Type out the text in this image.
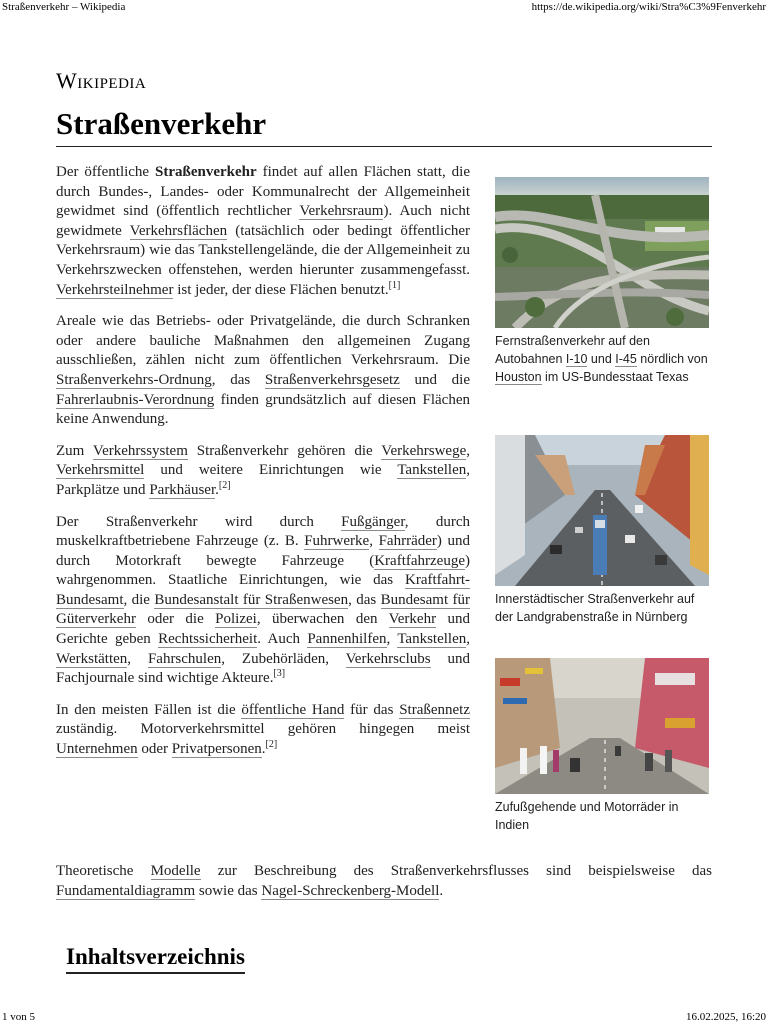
Straßenverkehr – Wikipedia	https://de.wikipedia.org/wiki/Stra%C3%9Fenverkehr
Wikipedia
Straßenverkehr

Der öffentliche Straßenverkehr findet auf allen Flächen statt, die durch Bundes-, Landes- oder Kommunalrecht der Allgemeinheit gewidmet sind (öffentlich rechtlicher Verkehrsraum). Auch nicht gewidmete Verkehrsflächen (tatsächlich oder bedingt öffentlicher Verkehrsraum) wie das Tankstellengelände, die der Allgemeinheit zu Verkehrszwecken offenstehen, werden hierunter zusammengefasst. Verkehrsteilnehmer ist jeder, der diese Flächen benutzt.[1]

Areale wie das Betriebs- oder Privatgelände, die durch Schranken oder andere bauliche Maßnahmen den allgemeinen Zugang ausschließen, zählen nicht zum öffentlichen Verkehrsraum. Die Straßenverkehrs-Ordnung, das Straßenverkehrsgesetz und die Fahrerlaubnis-Verordnung finden grundsätzlich auf diesen Flächen keine Anwendung.

Zum Verkehrssystem Straßenverkehr gehören die Verkehrswege, Verkehrsmittel und weitere Einrichtungen wie Tankstellen, Parkplätze und Parkhäuser.[2]

Der Straßenverkehr wird durch Fußgänger, durch muskelkraftbetriebene Fahrzeuge (z. B. Fuhrwerke, Fahrräder) und durch Motorkraft bewegte Fahrzeuge (Kraftfahrzeuge) wahrgenommen. Staatliche Einrichtungen, wie das Kraftfahrt-Bundesamt, die Bundesanstalt für Straßenwesen, das Bundesamt für Güterverkehr oder die Polizei, überwachen den Verkehr und Gerichte geben Rechtssicherheit. Auch Pannenhilfen, Tankstellen, Werkstätten, Fahrschulen, Zubehörläden, Verkehrsclubs und Fachjournale sind wichtige Akteure.[3]

In den meisten Fällen ist die öffentliche Hand für das Straßennetz zuständig. Motorverkehrsmittel gehören hingegen meist Unternehmen oder Privatpersonen.[2]

Theoretische Modelle zur Beschreibung des Straßenverkehrsflusses sind beispielsweise das Fundamentaldiagramm sowie das Nagel-Schreckenberg-Modell.

Inhaltsverzeichnis
Fernstraßenverkehr auf den Autobahnen I-10 und I-45 nördlich von Houston im US-Bundesstaat Texas
Innerstädtischer Straßenverkehr auf der Landgrabenstraße in Nürnberg
Zufußgehende und Motorräder in Indien
1 von 5	16.02.2025, 16:20
